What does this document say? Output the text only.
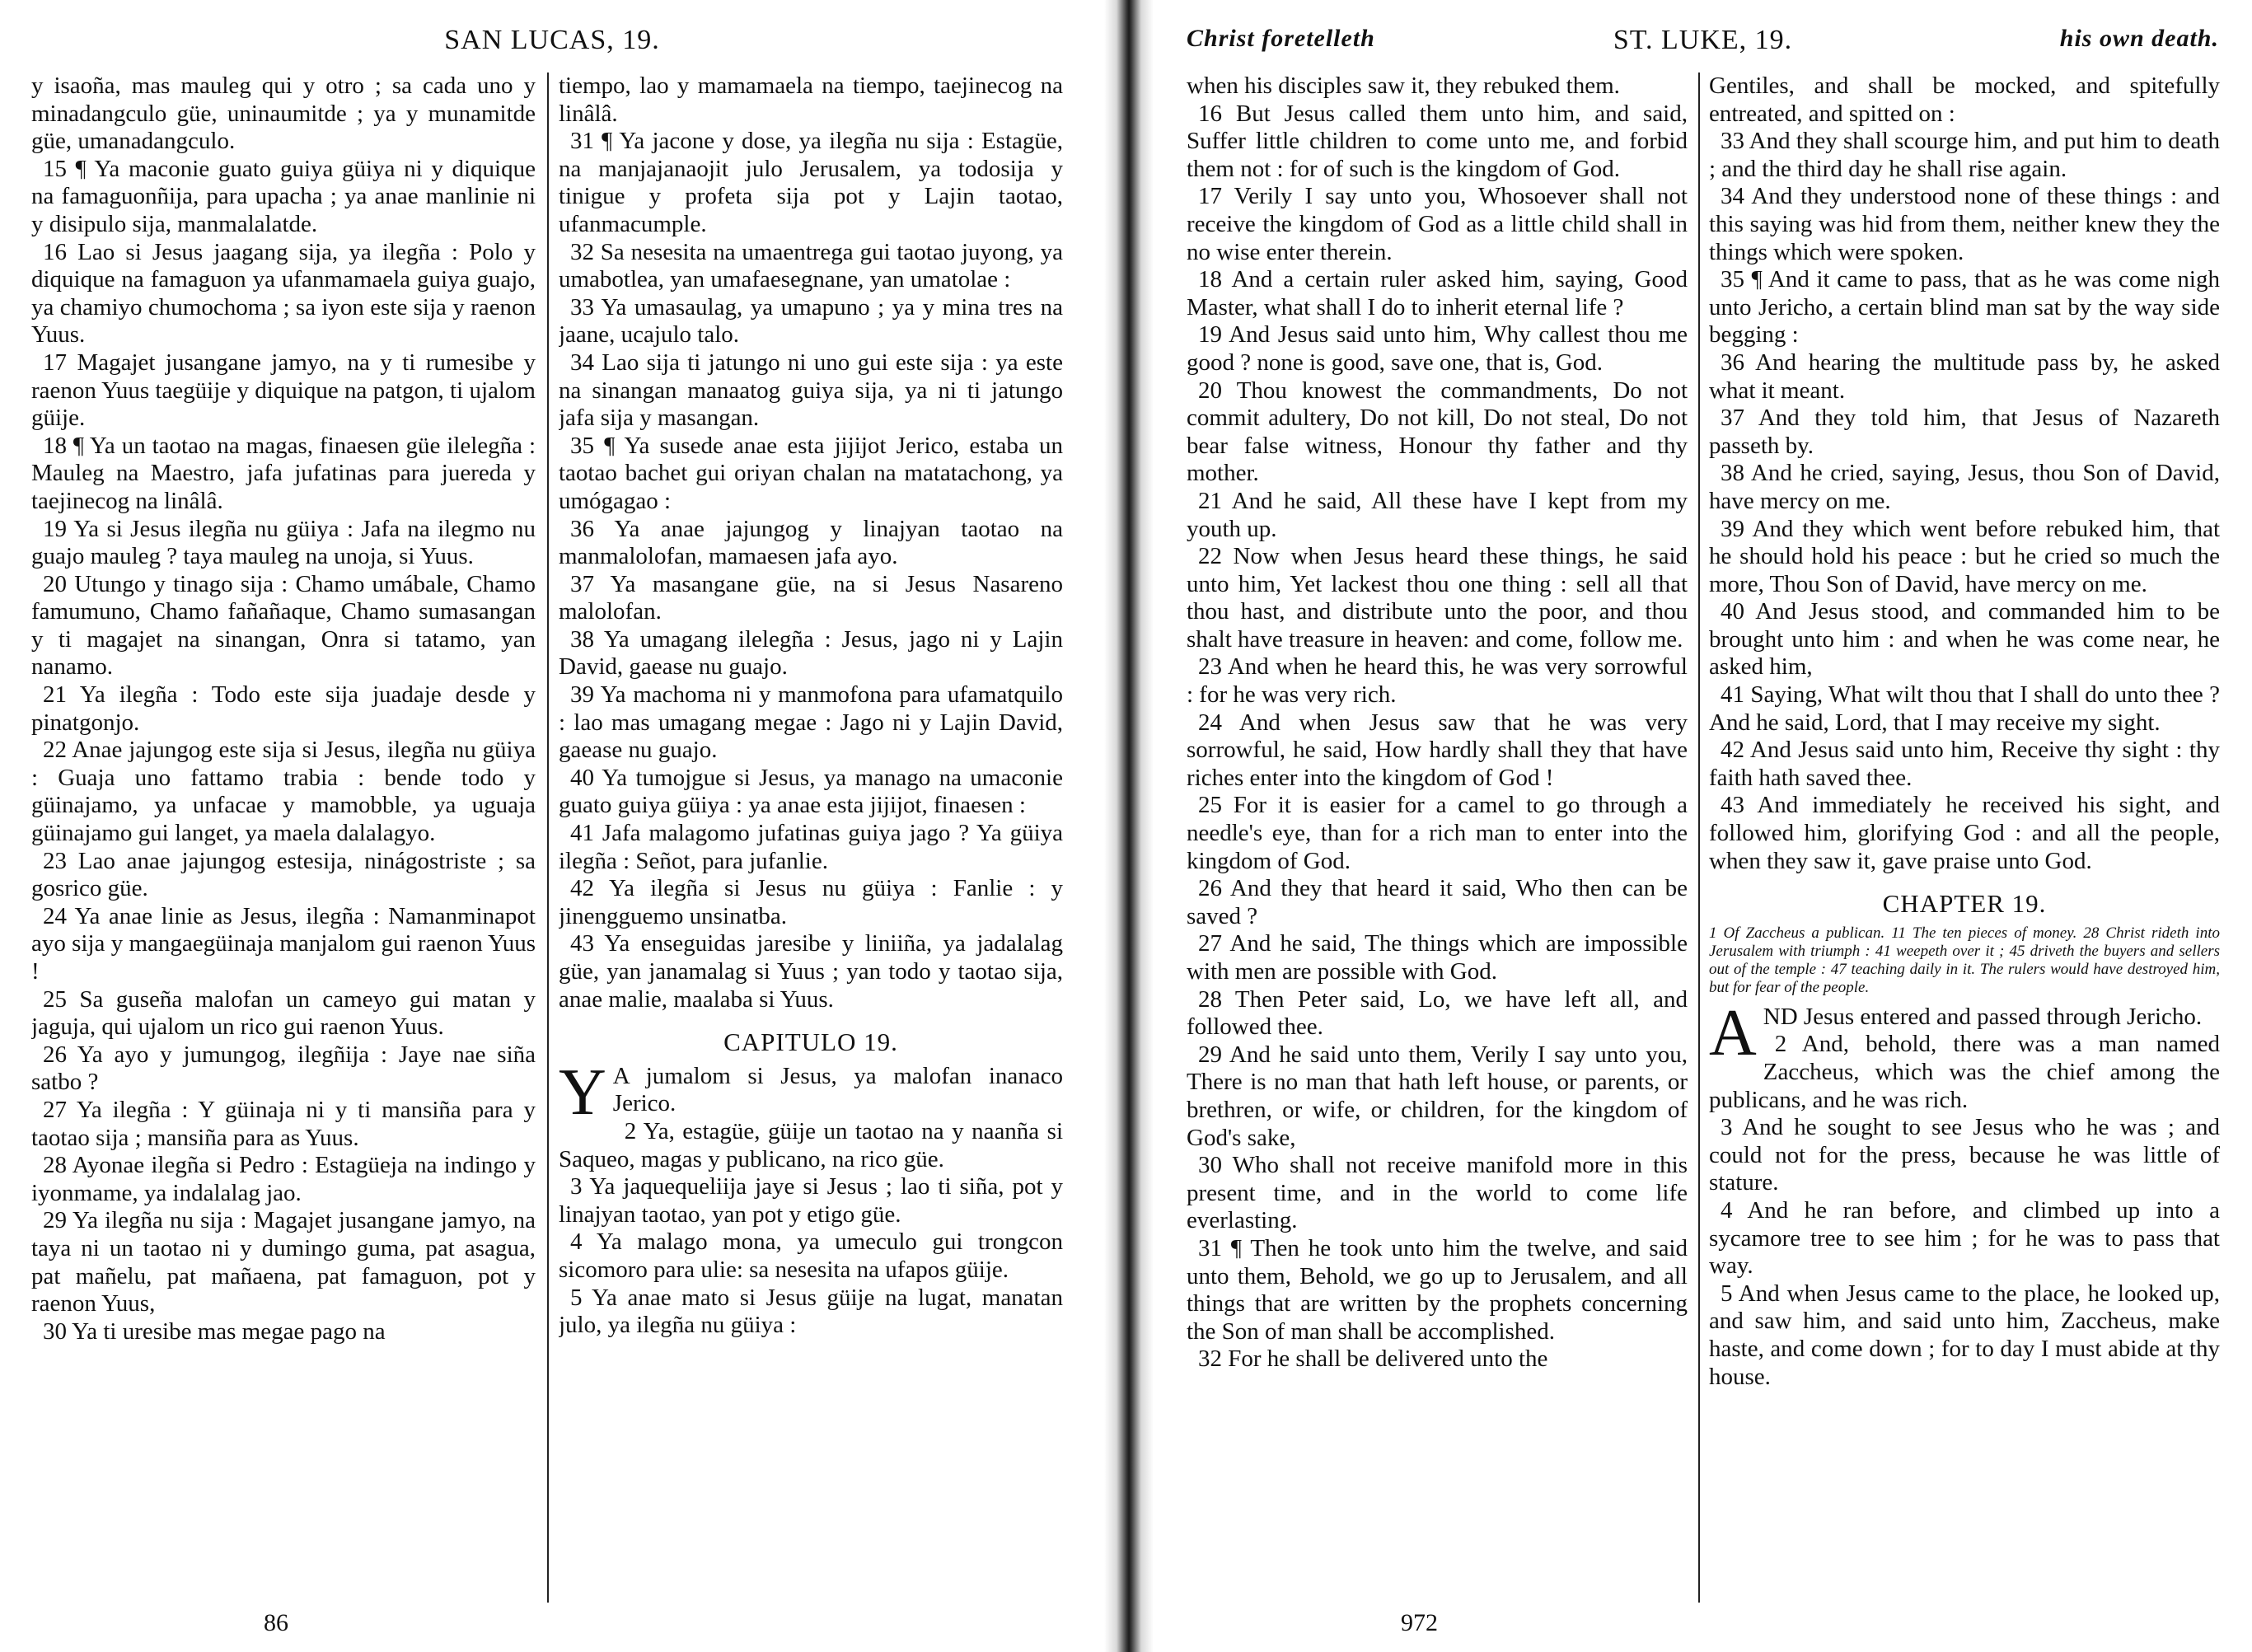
SAN LUCAS, 19.

y isaoña, mas mauleg qui y otro ; sa cada uno y minadangculo güe, uninaumitde ; ya y munamitde güe, umanadangculo.

15 ¶ Ya maconie guato guiya güiya ni y diquique na famaguonñija, para upacha ; ya anae manlinie ni y disipulo sija, manmalalatde.

16 Lao si Jesus jaagang sija, ya ilegña : Polo y diquique na famaguon ya ufanmamaela guiya guajo, ya chamiyo chumochoma ; sa iyon este sija y raenon Yuus.

17 Magajet jusangane jamyo, na y ti rumesibe y raenon Yuus taegüije y diquique na patgon, ti ujalom güije.

18 ¶ Ya un taotao na magas, finaesen güe ilelegña : Mauleg na Maestro, jafa jufatinas para juereda y taejinecog na linâlâ.

19 Ya si Jesus ilegña nu güiya : Jafa na ilegmo nu guajo mauleg ? taya mauleg na unoja, si Yuus.

20 Utungo y tinago sija : Chamo umábale, Chamo famumuno, Chamo fañañaque, Chamo sumasangan y ti magajet na sinangan, Onra si tatamo, yan nanamo.

21 Ya ilegña : Todo este sija juadaje desde y pinatgonjo.

22 Anae jajungog este sija si Jesus, ilegña nu güiya : Guaja uno fattamo trabia : bende todo y güinajamo, ya unfacae y mamobble, ya uguaja güinajamo gui langet, ya maela dalalagyo.

23 Lao anae jajungog estesija, ninágostriste ; sa gosrico güe.

24 Ya anae linie as Jesus, ilegña : Namanminapot ayo sija y mangaegüinaja manjalom gui raenon Yuus !

25 Sa guseña malofan un cameyo gui matan y jaguja, qui ujalom un rico gui raenon Yuus.

26 Ya ayo y jumungog, ilegñija : Jaye nae siña satbo ?

27 Ya ilegña : Y güinaja ni y ti mansiña para y taotao sija ; mansiña para as Yuus.

28 Ayonae ilegña si Pedro : Estagüeja na indingo y iyonmame, ya indalalag jao.

29 Ya ilegña nu sija : Magajet jusangane jamyo, na taya ni un taotao ni y dumingo guma, pat asagua, pat mañelu, pat mañaena, pat famaguon, pot y raenon Yuus,

30 Ya ti uresibe mas megae pago na

tiempo, lao y mamamaela na tiempo, taejinecog na linâlâ.

31 ¶ Ya jacone y dose, ya ilegña nu sija : Estagüe, na manjajanaojit julo Jerusalem, ya todosija y tinigue y profeta sija pot y Lajin taotao, ufanmacumple.

32 Sa nesesita na umaentrega gui taotao juyong, ya umabotlea, yan umafaesegnane, yan umatolae :

33 Ya umasaulag, ya umapuno ; ya y mina tres na jaane, ucajulo talo.

34 Lao sija ti jatungo ni uno gui este sija : ya este na sinangan manaatog guiya sija, ya ni ti jatungo jafa sija y masangan.

35 ¶ Ya susede anae esta jijijot Jerico, estaba un taotao bachet gui oriyan chalan na matatachong, ya umógagao :

36 Ya anae jajungog y linajyan taotao na manmalolofan, mamaesen jafa ayo.

37 Ya masangane güe, na si Jesus Nasareno malolofan.

38 Ya umagang ilelegña : Jesus, jago ni y Lajin David, gaease nu guajo.

39 Ya machoma ni y manmofona para ufamatquilo : lao mas umagang megae : Jago ni y Lajin David, gaease nu guajo.

40 Ya tumojgue si Jesus, ya manago na umaconie guato guiya güiya : ya anae esta jijijot, finaesen :

41 Jafa malagomo jufatinas guiya jago ? Ya güiya ilegña : Señot, para jufanlie.

42 Ya ilegña si Jesus nu güiya : Fanlie : y jinengguemo unsinatba.

43 Ya enseguidas jaresibe y liniiña, ya jadalalag güe, yan janamalag si Yuus ; yan todo y taotao sija, anae malie, maalaba si Yuus.

CAPITULO 19.

Y A jumalom si Jesus, ya malofan inanaco Jerico.

2 Ya, estagüe, güije un taotao na y naanña si Saqueo, magas y publicano, na rico güe.

3 Ya jaquequeliija jaye si Jesus ; lao ti siña, pot y linajyan taotao, yan pot y etigo güe.

4 Ya malago mona, ya umeculo gui trongcon sicomoro para ulie: sa nesesita na ufapos güije.

5 Ya anae mato si Jesus güije na lugat, manatan julo, ya ilegña nu güiya :

86
Christ foretelleth	ST. LUKE, 19.	his own death.

when his disciples saw it, they rebuked them.

16 But Jesus called them unto him, and said, Suffer little children to come unto me, and forbid them not : for of such is the kingdom of God.

17 Verily I say unto you, Whosoever shall not receive the kingdom of God as a little child shall in no wise enter therein.

18 And a certain ruler asked him, saying, Good Master, what shall I do to inherit eternal life ?

19 And Jesus said unto him, Why callest thou me good ? none is good, save one, that is, God.

20 Thou knowest the commandments, Do not commit adultery, Do not kill, Do not steal, Do not bear false witness, Honour thy father and thy mother.

21 And he said, All these have I kept from my youth up.

22 Now when Jesus heard these things, he said unto him, Yet lackest thou one thing : sell all that thou hast, and distribute unto the poor, and thou shalt have treasure in heaven: and come, follow me.

23 And when he heard this, he was very sorrowful : for he was very rich.

24 And when Jesus saw that he was very sorrowful, he said, How hardly shall they that have riches enter into the kingdom of God !

25 For it is easier for a camel to go through a needle's eye, than for a rich man to enter into the kingdom of God.

26 And they that heard it said, Who then can be saved ?

27 And he said, The things which are impossible with men are possible with God.

28 Then Peter said, Lo, we have left all, and followed thee.

29 And he said unto them, Verily I say unto you, There is no man that hath left house, or parents, or brethren, or wife, or children, for the kingdom of God's sake,

30 Who shall not receive manifold more in this present time, and in the world to come life everlasting.

31 ¶ Then he took unto him the twelve, and said unto them, Behold, we go up to Jerusalem, and all things that are written by the prophets concerning the Son of man shall be accomplished.

32 For he shall be delivered unto the

Gentiles, and shall be mocked, and spitefully entreated, and spitted on :

33 And they shall scourge him, and put him to death ; and the third day he shall rise again.

34 And they understood none of these things : and this saying was hid from them, neither knew they the things which were spoken.

35 ¶ And it came to pass, that as he was come nigh unto Jericho, a certain blind man sat by the way side begging :

36 And hearing the multitude pass by, he asked what it meant.

37 And they told him, that Jesus of Nazareth passeth by.

38 And he cried, saying, Jesus, thou Son of David, have mercy on me.

39 And they which went before rebuked him, that he should hold his peace : but he cried so much the more, Thou Son of David, have mercy on me.

40 And Jesus stood, and commanded him to be brought unto him : and when he was come near, he asked him,

41 Saying, What wilt thou that I shall do unto thee ? And he said, Lord, that I may receive my sight.

42 And Jesus said unto him, Receive thy sight : thy faith hath saved thee.

43 And immediately he received his sight, and followed him, glorifying God : and all the people, when they saw it, gave praise unto God.

CHAPTER 19.

1 Of Zaccheus a publican. 11 The ten pieces of money. 28 Christ rideth into Jerusalem with triumph : 41 weepeth over it ; 45 driveth the buyers and sellers out of the temple : 47 teaching daily in it. The rulers would have destroyed him, but for fear of the people.

A ND Jesus entered and passed through Jericho.

2 And, behold, there was a man named Zaccheus, which was the chief among the publicans, and he was rich.

3 And he sought to see Jesus who he was ; and could not for the press, because he was little of stature.

4 And he ran before, and climbed up into a sycamore tree to see him ; for he was to pass that way.

5 And when Jesus came to the place, he looked up, and saw him, and said unto him, Zaccheus, make haste, and come down ; for to day I must abide at thy house.

972
